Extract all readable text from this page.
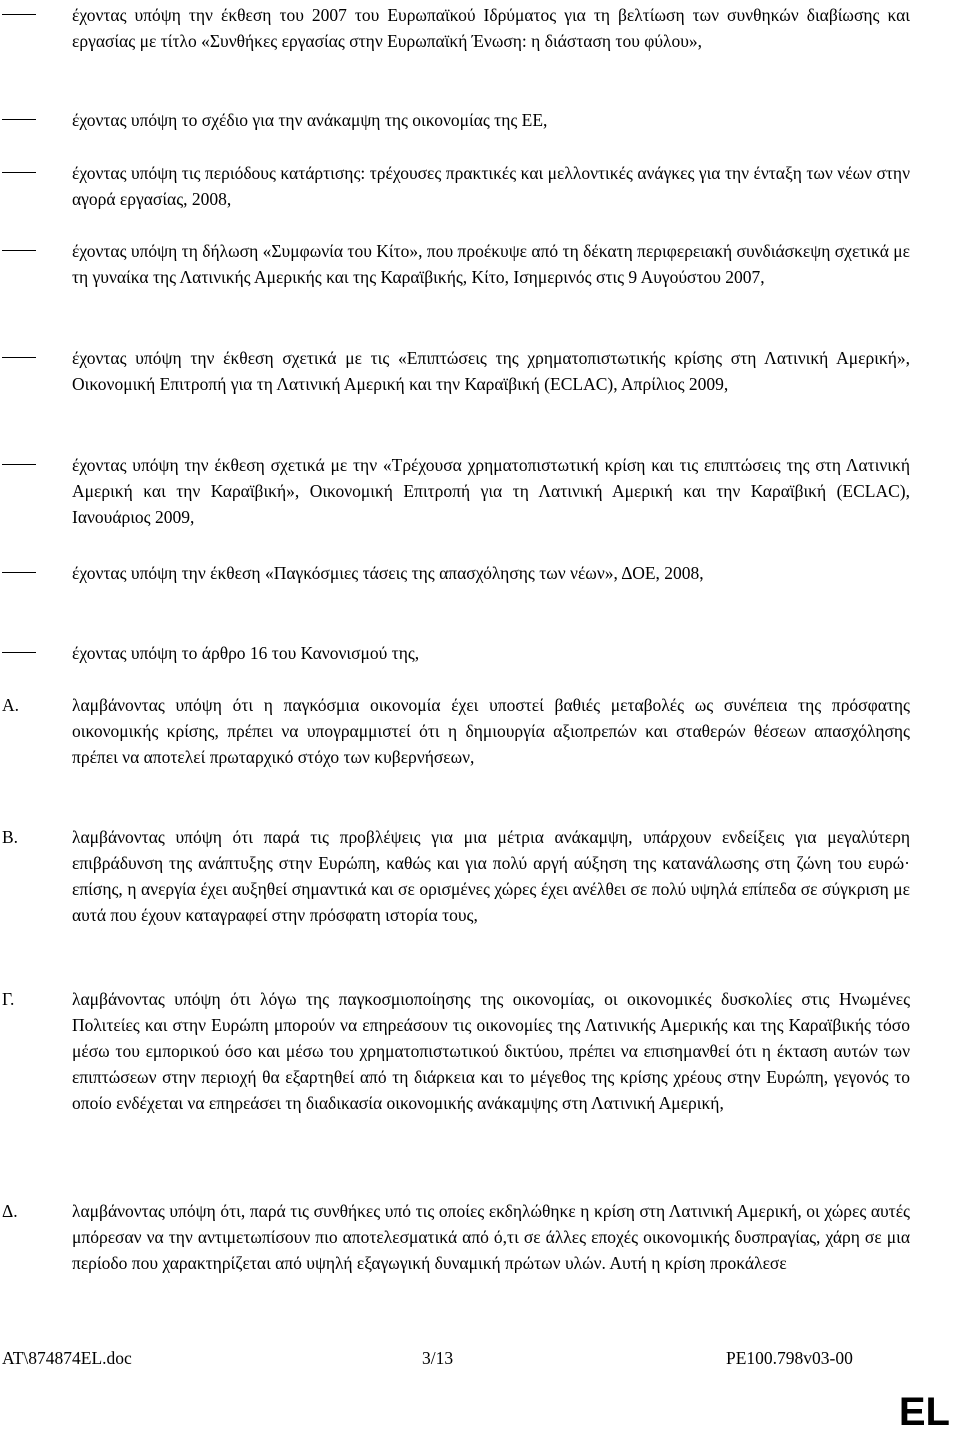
έχοντας υπόψη την έκθεση του 2007 του Ευρωπαϊκού Ιδρύματος για τη βελτίωση των συνθηκών διαβίωσης και εργασίας με τίτλο «Συνθήκες εργασίας στην Ευρωπαϊκή Ένωση: η διάσταση του φύλου»,
έχοντας υπόψη το σχέδιο για την ανάκαμψη της οικονομίας της ΕΕ,
έχοντας υπόψη τις περιόδους κατάρτισης: τρέχουσες πρακτικές και μελλοντικές ανάγκες για την ένταξη των νέων στην αγορά εργασίας, 2008,
έχοντας υπόψη τη δήλωση «Συμφωνία του Κίτο», που προέκυψε από τη δέκατη περιφερειακή συνδιάσκεψη σχετικά με τη γυναίκα της Λατινικής Αμερικής και της Καραϊβικής, Κίτο, Ισημερινός στις 9 Αυγούστου 2007,
έχοντας υπόψη την έκθεση σχετικά με τις «Επιπτώσεις της χρηματοπιστωτικής κρίσης στη Λατινική Αμερική», Οικονομική Επιτροπή για τη Λατινική Αμερική και την Καραϊβική (ECLAC), Απρίλιος 2009,
έχοντας υπόψη την έκθεση σχετικά με την «Τρέχουσα χρηματοπιστωτική κρίση και τις επιπτώσεις της στη Λατινική Αμερική και την Καραϊβική», Οικονομική Επιτροπή για τη Λατινική Αμερική και την Καραϊβική (ECLAC), Ιανουάριος 2009,
έχοντας υπόψη την έκθεση «Παγκόσμιες τάσεις της απασχόλησης των νέων», ΔΟΕ, 2008,
έχοντας υπόψη το άρθρο 16 του Κανονισμού της,
Α.	λαμβάνοντας υπόψη ότι η παγκόσμια οικονομία έχει υποστεί βαθιές μεταβολές ως συνέπεια της πρόσφατης οικονομικής κρίσης, πρέπει να υπογραμμιστεί ότι η δημιουργία αξιοπρεπών και σταθερών θέσεων απασχόλησης πρέπει να αποτελεί πρωταρχικό στόχο των κυβερνήσεων,
Β.	λαμβάνοντας υπόψη ότι παρά τις προβλέψεις για μια μέτρια ανάκαμψη, υπάρχουν ενδείξεις για μεγαλύτερη επιβράδυνση της ανάπτυξης στην Ευρώπη, καθώς και για πολύ αργή αύξηση της κατανάλωσης στη ζώνη του ευρώ· επίσης, η ανεργία έχει αυξηθεί σημαντικά και σε ορισμένες χώρες έχει ανέλθει σε πολύ υψηλά επίπεδα σε σύγκριση με αυτά που έχουν καταγραφεί στην πρόσφατη ιστορία τους,
Γ.	λαμβάνοντας υπόψη ότι λόγω της παγκοσμιοποίησης της οικονομίας, οι οικονομικές δυσκολίες στις Ηνωμένες Πολιτείες και στην Ευρώπη μπορούν να επηρεάσουν τις οικονομίες της Λατινικής Αμερικής και της Καραϊβικής τόσο μέσω του εμπορικού όσο και μέσω του χρηματοπιστωτικού δικτύου, πρέπει να επισημανθεί ότι η έκταση αυτών των επιπτώσεων στην περιοχή θα εξαρτηθεί από τη διάρκεια και το μέγεθος της κρίσης χρέους στην Ευρώπη, γεγονός το οποίο ενδέχεται να επηρεάσει τη διαδικασία οικονομικής ανάκαμψης στη Λατινική Αμερική,
Δ.	λαμβάνοντας υπόψη ότι, παρά τις συνθήκες υπό τις οποίες εκδηλώθηκε η κρίση στη Λατινική Αμερική, οι χώρες αυτές μπόρεσαν να την αντιμετωπίσουν πιο αποτελεσματικά από ό,τι σε άλλες εποχές οικονομικής δυσπραγίας, χάρη σε μια περίοδο που χαρακτηρίζεται από υψηλή εξαγωγική δυναμική πρώτων υλών. Αυτή η κρίση προκάλεσε
AT\874874EL.doc	3/13	PE100.798v03-00
EL
